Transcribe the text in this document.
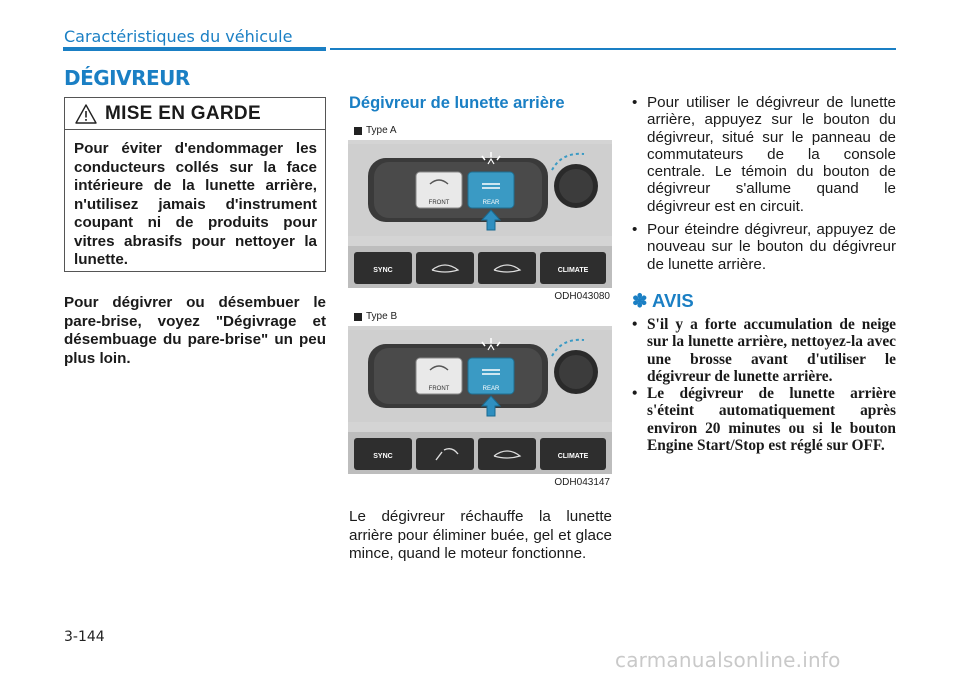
Caractéristiques du véhicule
DÉGIVREUR
MISE EN GARDE
Pour éviter d'endommager les conducteurs collés sur la face intérieure de la lunette arrière, n'utilisez jamais d'instrument coupant ni de produits pour vitres abrasifs pour nettoyer la lunette.
Pour dégivrer ou désembuer le pare-brise, voyez "Dégivrage et désembuage du pare-brise" un peu plus loin.
Dégivreur de lunette arrière
Type A
FRONT	REAR
SYNC	CLIMATE
ODH043080
Type B
FRONT	REAR
SYNC	CLIMATE
ODH043147
Le dégivreur réchauffe la lunette arrière pour éliminer buée, gel et glace mince, quand le moteur fonctionne.
• Pour utiliser le dégivreur de lunette arrière, appuyez sur le bouton du dégivreur, situé sur le panneau de commutateurs de la console centrale. Le témoin du bouton de dégivreur s'allume quand le dégivreur est en circuit.
• Pour éteindre dégivreur, appuyez de nouveau sur le bouton du dégivreur de lunette arrière.
✽ AVIS
• S'il y a forte accumulation de neige sur la lunette arrière, nettoyez-la avec une brosse avant d'utiliser le dégivreur de lunette arrière.
• Le dégivreur de lunette arrière s'éteint automatiquement après environ 20 minutes ou si le bouton Engine Start/Stop est réglé sur OFF.
3-144
carmanualsonline.info
